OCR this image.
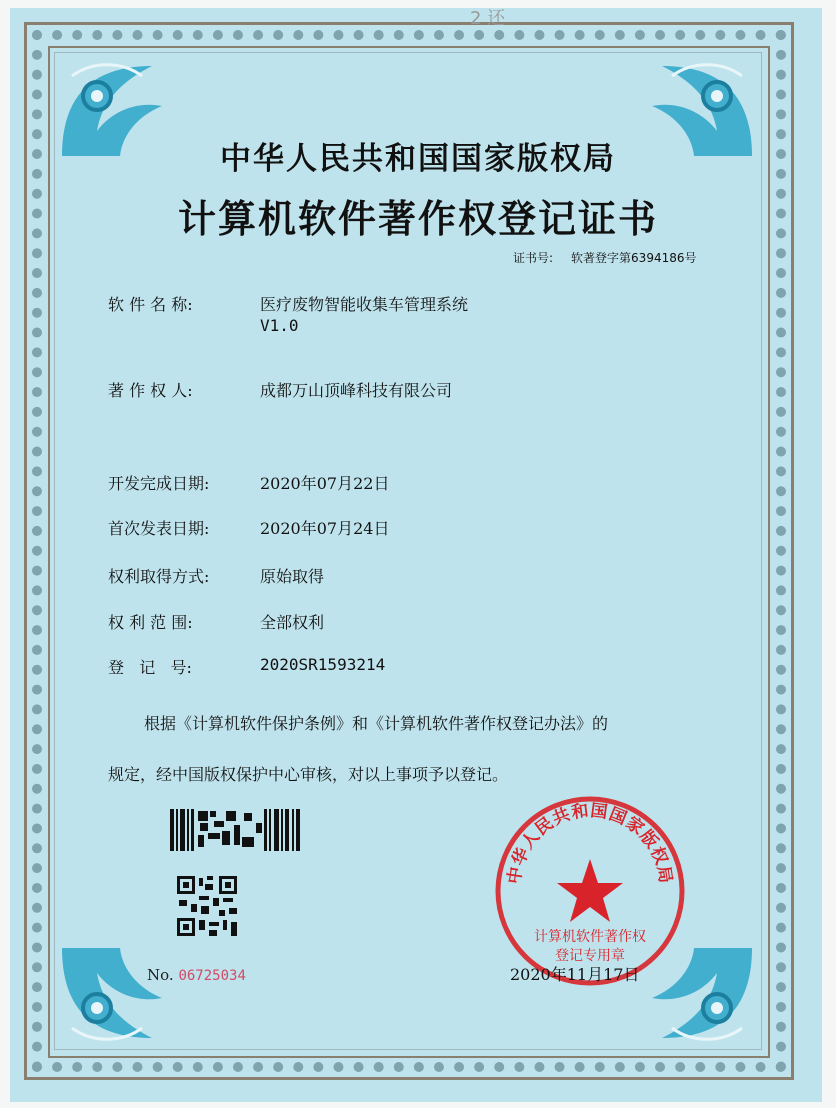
2 还
中华人民共和国国家版权局
计算机软件著作权登记证书
证书号: 软著登字第6394186号
软 件 名 称:	医疗废物智能收集车管理系统
V1.0
著 作 权 人:	成都万山顶峰科技有限公司
开发完成日期:	2020年07月22日
首次发表日期:	2020年07月24日
权利取得方式:	原始取得
权 利 范 围:	全部权利
登   记   号:	2020SR1593214
根据《计算机软件保护条例》和《计算机软件著作权登记办法》的
规定，经中国版权保护中心审核，对以上事项予以登记。
No. 06725034
中华人民共和国国家版权局
计算机软件著作权
登记专用章
2020年11月17日
